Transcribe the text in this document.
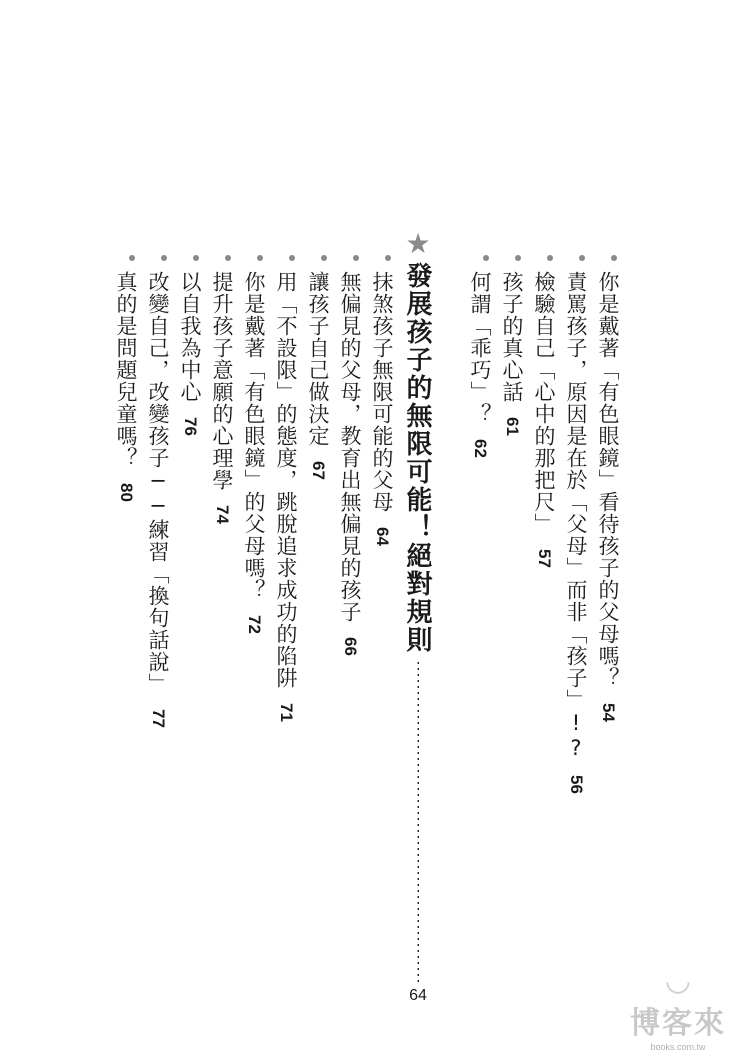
你是戴著「有色眼鏡」看待孩子的父母嗎？54
責罵孩子，原因是在於「父母」而非「孩子」!?56
檢驗自己「心中的那把尺」57
孩子的真心話61
何謂「乖巧」？62
★
發展孩子的無限可能！絕對規則
64
抹煞孩子無限可能的父母64
無偏見的父母，教育出無偏見的孩子66
讓孩子自己做決定67
用「不設限」的態度，跳脫追求成功的陷阱71
你是戴著「有色眼鏡」的父母嗎？72
提升孩子意願的心理學74
以自我為中心76
改變自己，改變孩子──練習「換句話說」77
真的是問題兒童嗎？80
◡
博客來
books.com.tw
